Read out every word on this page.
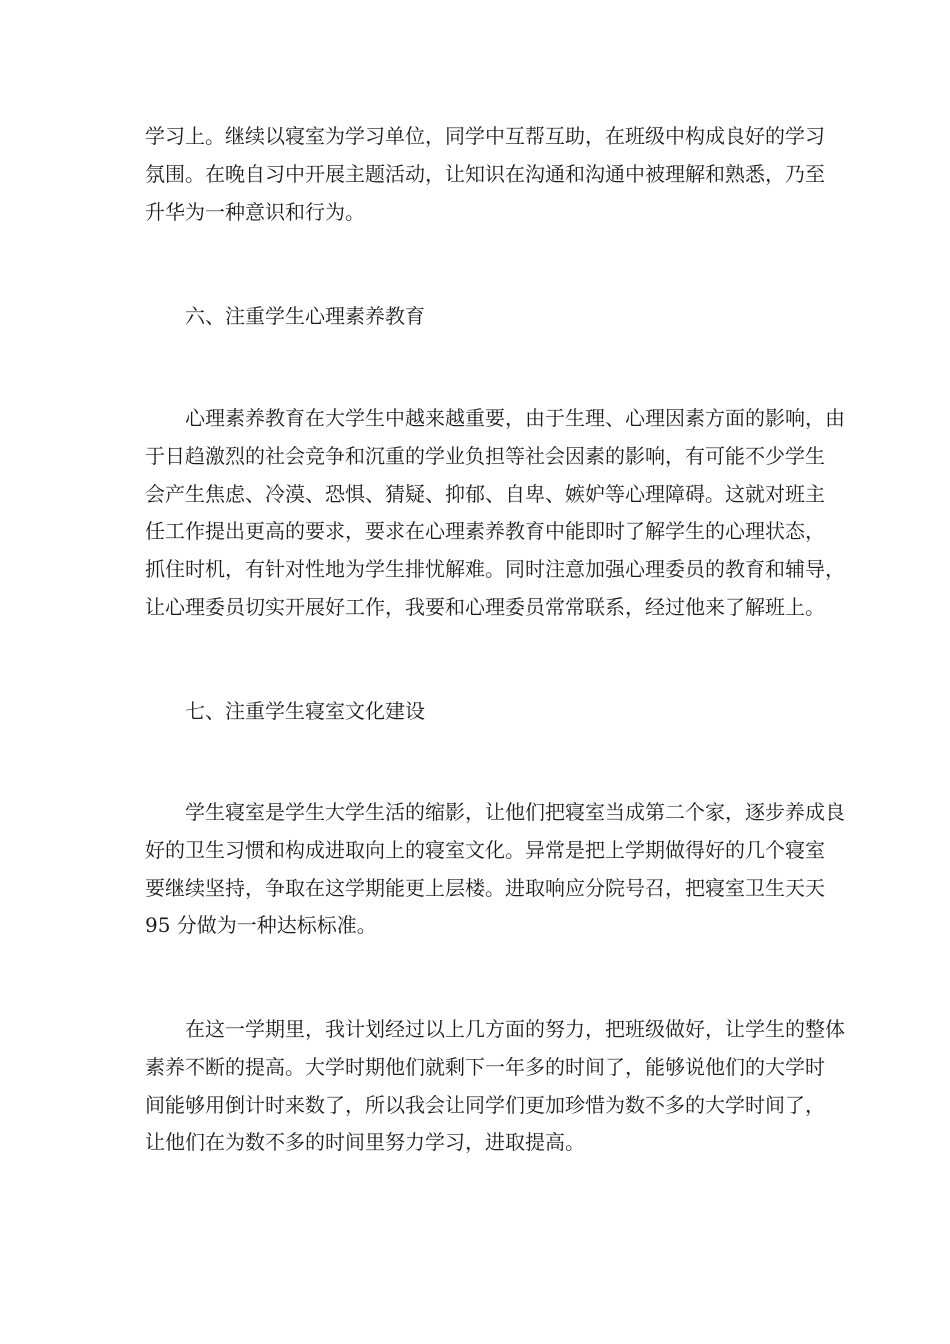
学习上。继续以寝室为学习单位，同学中互帮互助，在班级中构成良好的学习
氛围。在晚自习中开展主题活动，让知识在沟通和沟通中被理解和熟悉，乃至
升华为一种意识和行为。
　　六、注重学生心理素养教育
　　心理素养教育在大学生中越来越重要，由于生理、心理因素方面的影响，由
于日趋激烈的社会竞争和沉重的学业负担等社会因素的影响，有可能不少学生
会产生焦虑、冷漠、恐惧、猜疑、抑郁、自卑、嫉妒等心理障碍。这就对班主
任工作提出更高的要求，要求在心理素养教育中能即时了解学生的心理状态，
抓住时机，有针对性地为学生排忧解难。同时注意加强心理委员的教育和辅导，
让心理委员切实开展好工作，我要和心理委员常常联系，经过他来了解班上。
　　七、注重学生寝室文化建设
　　学生寝室是学生大学生活的缩影，让他们把寝室当成第二个家，逐步养成良
好的卫生习惯和构成进取向上的寝室文化。异常是把上学期做得好的几个寝室
要继续坚持，争取在这学期能更上层楼。进取响应分院号召，把寝室卫生天天
95 分做为一种达标标准。
　　在这一学期里，我计划经过以上几方面的努力，把班级做好，让学生的整体
素养不断的提高。大学时期他们就剩下一年多的时间了，能够说他们的大学时
间能够用倒计时来数了，所以我会让同学们更加珍惜为数不多的大学时间了，
让他们在为数不多的时间里努力学习，进取提高。
